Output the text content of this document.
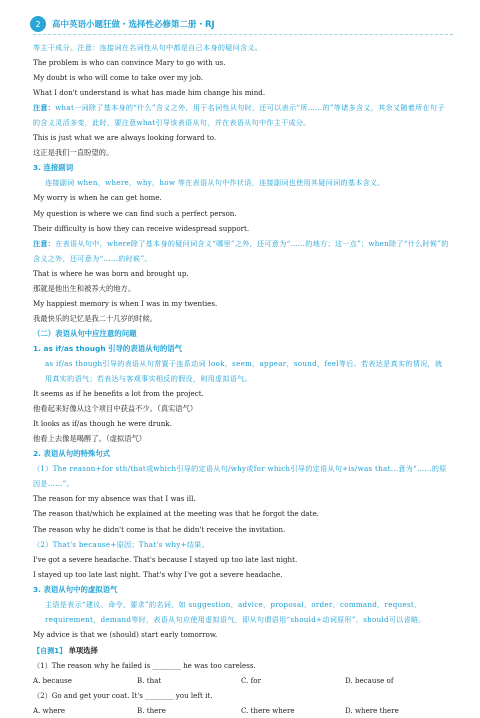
2	高中英语小题狂做・选择性必修第二册・RJ
等主干成分。注意：连接词在名词性从句中都是自己本身的疑问含义。
The problem is who can convince Mary to go with us.
My doubt is who will come to take over my job.
What I don't understand is what has made him change his mind.
注意：what一词除了基本身的“什么”含义之外，用于名词性从句时，还可以表示“所……的”等诸多含义，其余又随着所在句子的含义灵活多变，此时，要注意what引导该表语从句，并在表语从句中作主干成分。
This is just what we are always looking forward to.
这正是我们一直盼望的。
3. 连接副词
连接副词 when，where，why，how 等在表语从句中作状语，连接副词也使用其疑问词的基本含义。
My worry is when he can get home.
My question is where we can find such a perfect person.
Their difficulty is how they can receive widespread support.
注意：在表语从句中，where除了基本身的疑问词含义“哪里”之外，还可意为“……的地方；这一点”；when除了“什么时候”的含义之外，还可意为“……的时候”。
That is where he was born and brought up.
那就是他出生和被养大的地方。
My happiest memory is when I was in my twenties.
我最快乐的记忆是我二十几岁的时候。
（二）表语从句中应注意的问题
1. as if/as though 引导的表语从句的语气
as if/as though引导的表语从句常置于连系动词 look，seem，appear，sound，feel等后。若表达是真实的情况，就用真实的语气；若表达与客观事实相反的假设，则用虚拟语气。
It seems as if he benefits a lot from the project.
他看起来好像从这个项目中获益不少。（真实语气）
It looks as if/as though he were drunk.
他看上去像是喝醉了。（虚拟语气）
2. 表语从句的特殊句式
（1）The reason+for sth/that或which引导的定语从句/why或for which引导的定语从句+is/was that...意为“……的原因是……”。
The reason for my absence was that I was ill.
The reason that/which he explained at the meeting was that he forgot the date.
The reason why he didn't come is that he didn't receive the invitation.
（2）That's because+原因；That's why+结果。
I've got a severe headache. That's because I stayed up too late last night.
I stayed up too late last night. That's why I've got a severe headache.
3. 表语从句中的虚拟语气
主语是表示“建议、命令、要求”的名词，如 suggestion，advice，proposal，order，command，request，requirement，demand等时，表语从句应使用虚拟语气，即从句谓语用“should+动词原形”，should可以省略。
My advice is that we (should) start early tomorrow.
【自测1】 单项选择
（1）The reason why he failed is ________ he was too careless.
A. because	B. that	C. for	D. because of
（2）Go and get your coat. It's ________ you left it.
A. where	B. there	C. there where	D. where there
